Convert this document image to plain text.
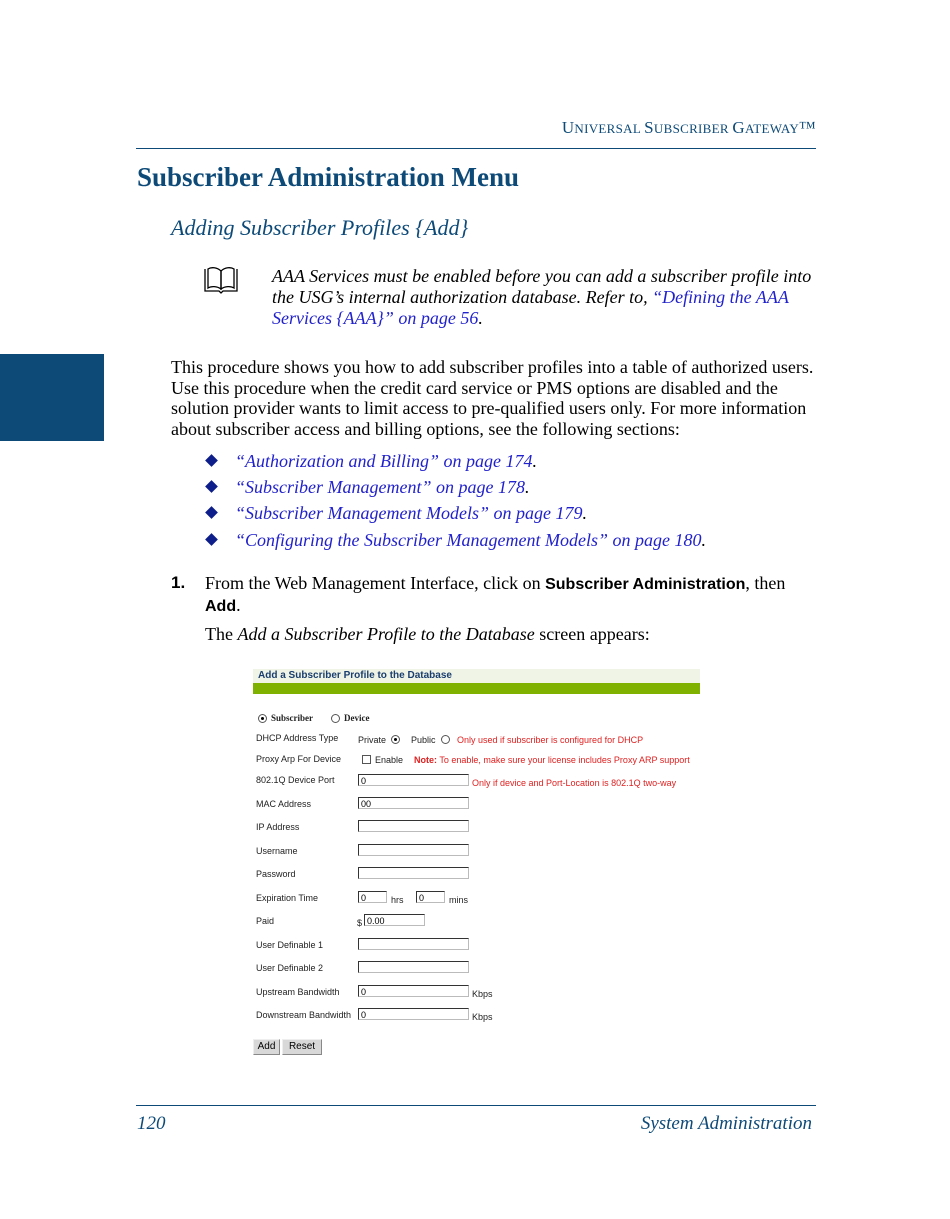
UNIVERSAL SUBSCRIBER GATEWAY™
Subscriber Administration Menu
Adding Subscriber Profiles {Add}
AAA Services must be enabled before you can add a subscriber profile into the USG’s internal authorization database. Refer to, “Defining the AAA Services {AAA}” on page 56.
This procedure shows you how to add subscriber profiles into a table of authorized users. Use this procedure when the credit card service or PMS options are disabled and the solution provider wants to limit access to pre-qualified users only. For more information about subscriber access and billing options, see the following sections:
“Authorization and Billing” on page 174.
“Subscriber Management” on page 178.
“Subscriber Management Models” on page 179.
“Configuring the Subscriber Management Models” on page 180.
1. From the Web Management Interface, click on Subscriber Administration, then
Add.
The Add a Subscriber Profile to the Database screen appears:
Add a Subscriber Profile to the Database
Subscriber	Device
DHCP Address Type Private	Public Only used if subscriber is configured for DHCP
Proxy Arp For Device	Enable Note: To enable, make sure your license includes Proxy ARP support
802.1Q Device Port	0	Only if device and Port-Location is 802.1Q two-way
MAC Address	00
IP Address
Username
Password
Expiration Time	0	hrs	0	mins
Paid	$ 0.00
User Definable 1
User Definable 2
Upstream Bandwidth	0	Kbps
Downstream Bandwidth	0	Kbps
Add	Reset
120	System Administration
